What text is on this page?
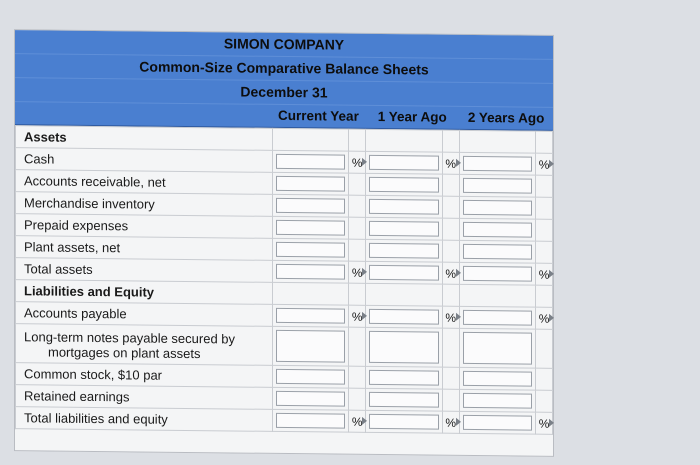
SIMON COMPANY
Common-Size Comparative Balance Sheets
December 31
Current Year	1 Year Ago	2 Years Ago
Assets						
Cash		%		%		%

Accounts receivable, net	

Merchandise inventory	

Prepaid expenses	

Plant assets, net	

Total assets		%		%		%

Liabilities and Equity						
Accounts payable		%		%		%

Long-term notes payable secured by
mortgages on plant assets						

Common stock, $10 par	

Retained earnings	

Total liabilities and equity		%		%		%
